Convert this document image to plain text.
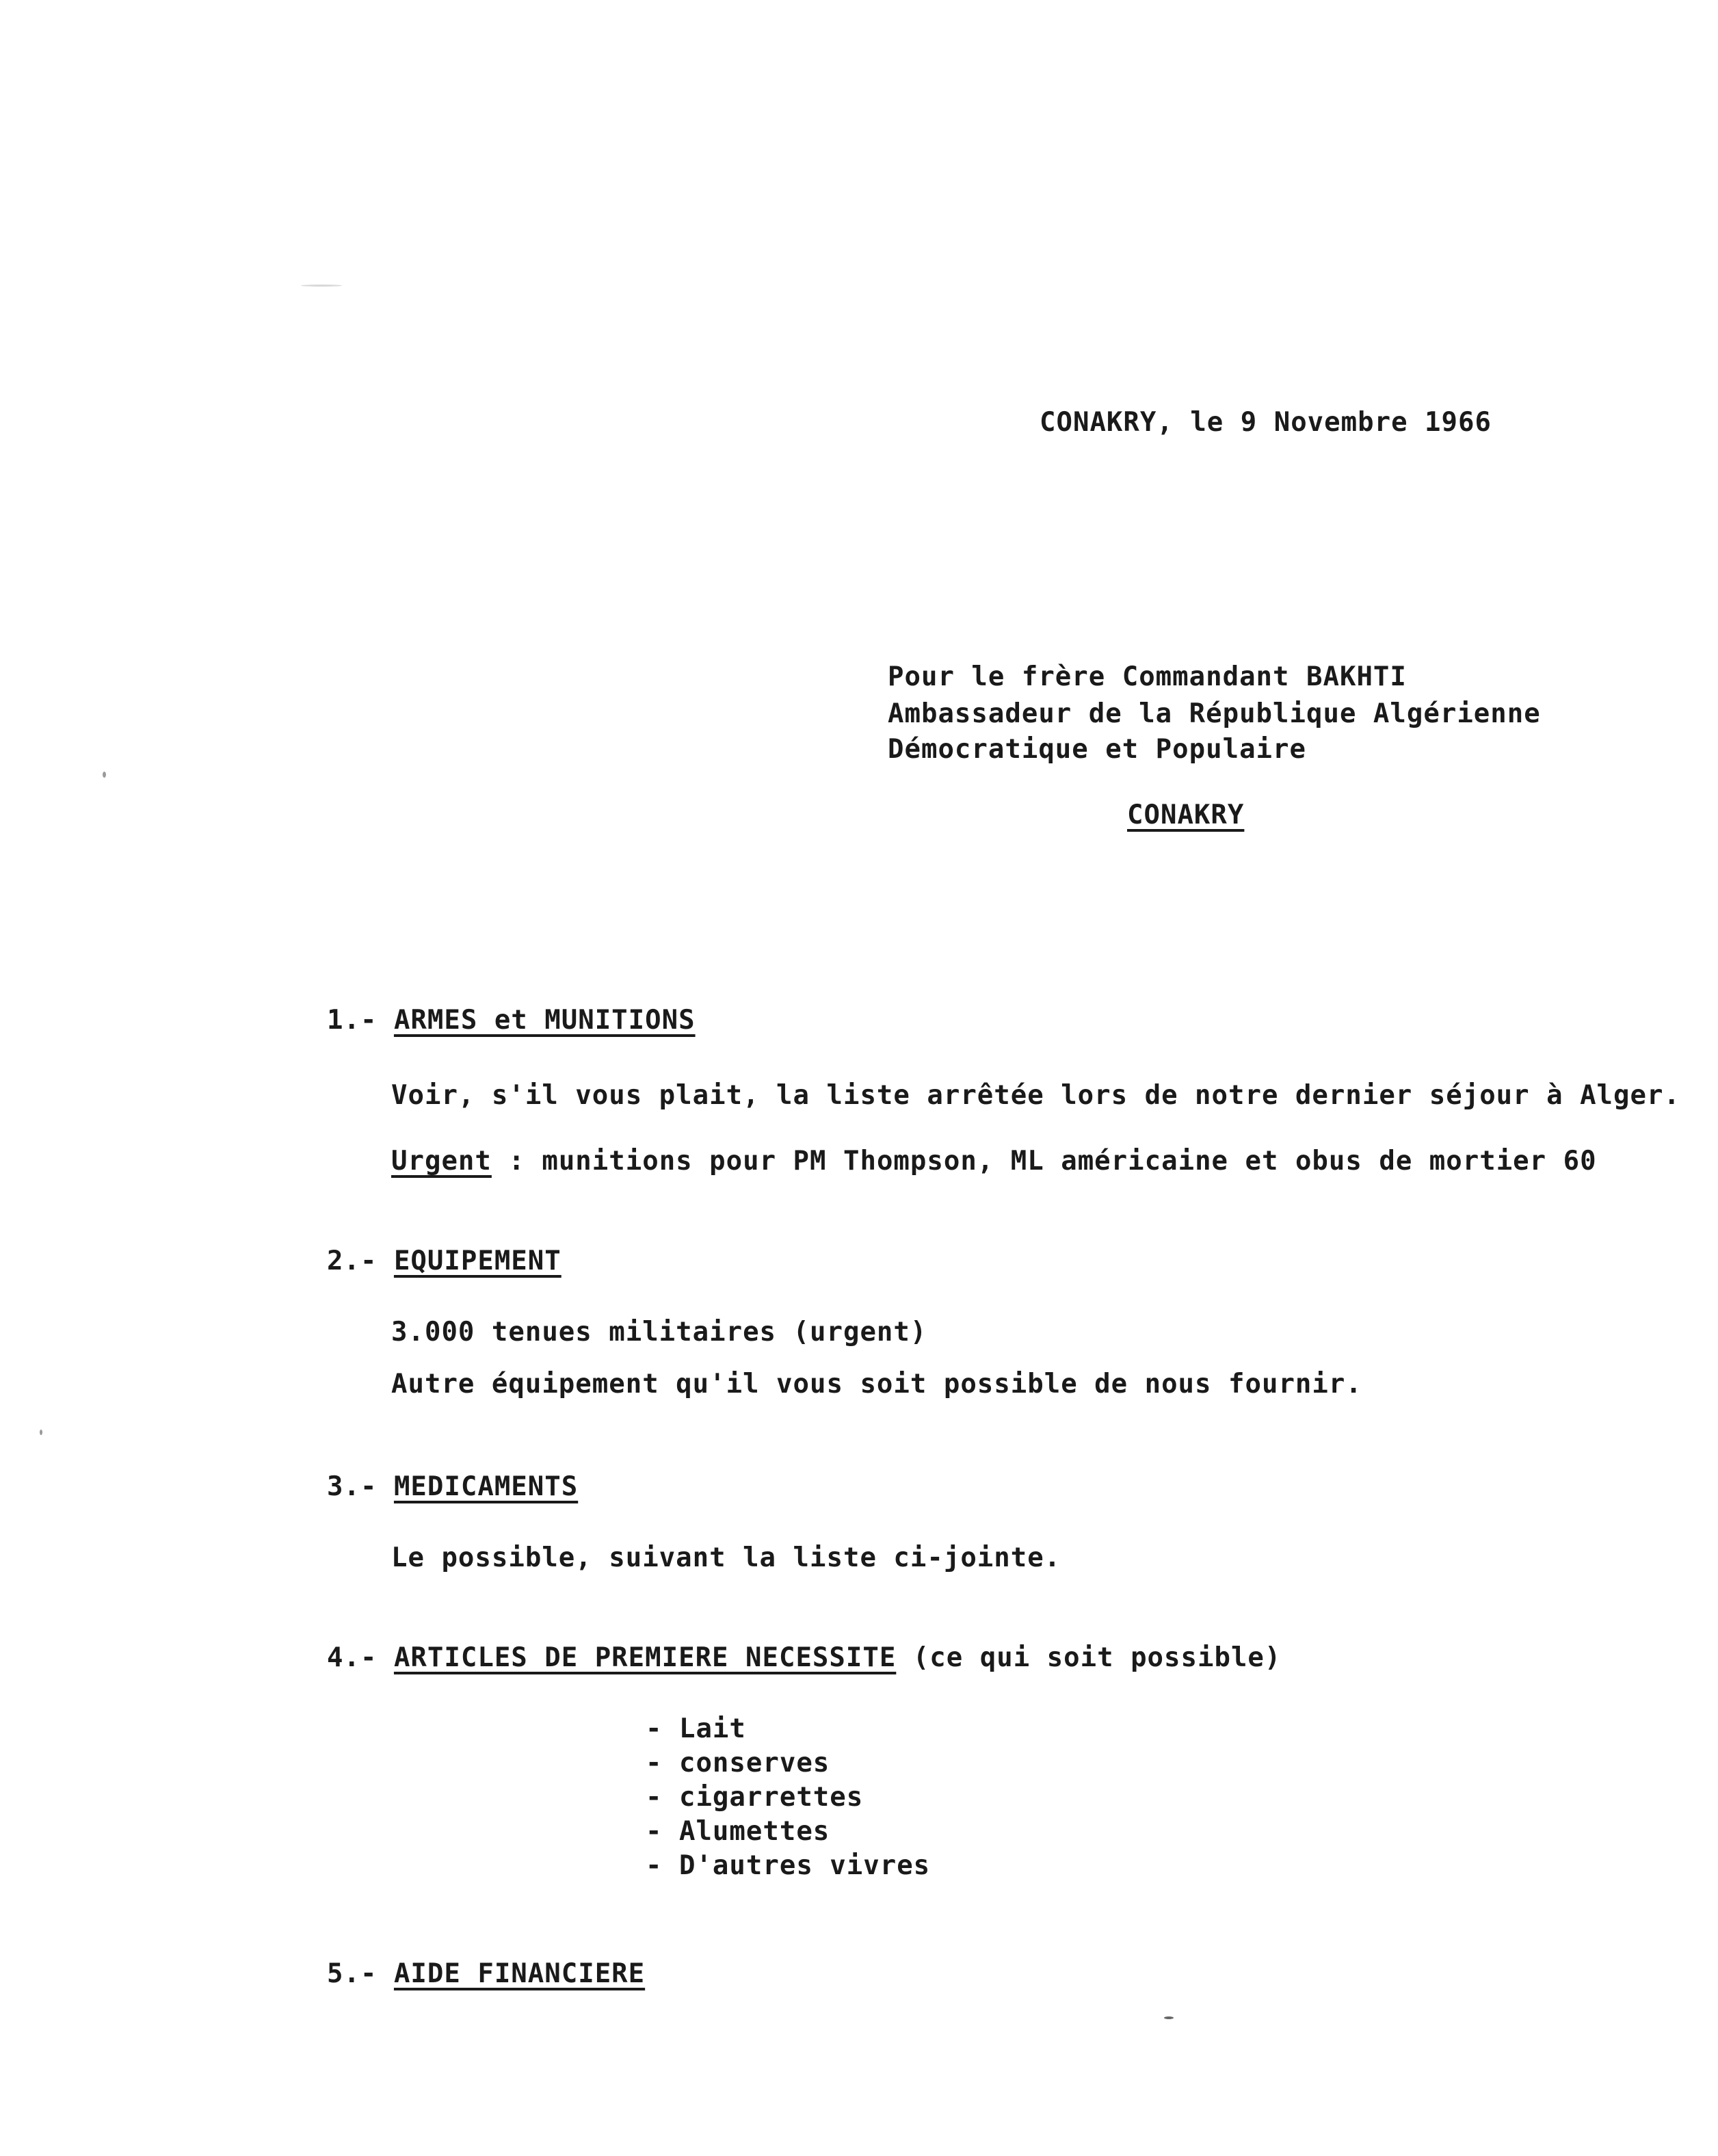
CONAKRY, le 9 Novembre 1966
Pour le frère Commandant BAKHTI
Ambassadeur de la République Algérienne
Démocratique et Populaire
CONAKRY
1.- ARMES et MUNITIONS
Voir, s'il vous plait, la liste arrêtée lors de notre dernier séjour à Alger.
Urgent : munitions pour PM Thompson, ML américaine et obus de mortier 60
2.- EQUIPEMENT
3.000 tenues militaires (urgent)
Autre équipement qu'il vous soit possible de nous fournir.
3.- MEDICAMENTS
Le possible, suivant la liste ci-jointe.
4.- ARTICLES DE PREMIERE NECESSITE (ce qui soit possible)
- Lait
- conserves
- cigarrettes
- Alumettes
- D'autres vivres
5.- AIDE FINANCIERE
